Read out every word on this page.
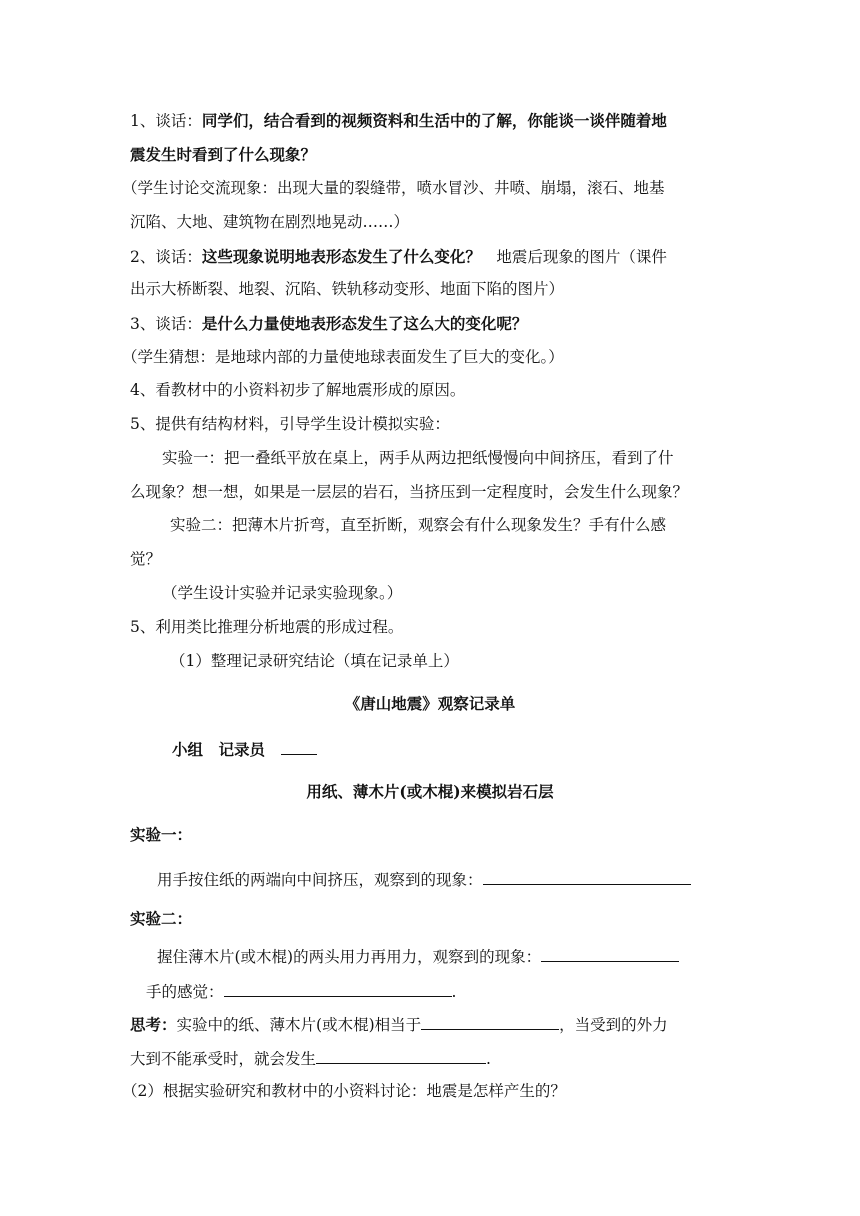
1、谈话：同学们，结合看到的视频资料和生活中的了解，你能谈一谈伴随着地
震发生时看到了什么现象？
（学生讨论交流现象：出现大量的裂缝带，喷水冒沙、井喷、崩塌，滚石、地基
沉陷、大地、建筑物在剧烈地晃动……）
2、谈话：这些现象说明地表形态发生了什么变化？　地震后现象的图片（课件
出示大桥断裂、地裂、沉陷、铁轨移动变形、地面下陷的图片）
3、谈话：是什么力量使地表形态发生了这么大的变化呢？
（学生猜想：是地球内部的力量使地球表面发生了巨大的变化。）
4、看教材中的小资料初步了解地震形成的原因。
5、提供有结构材料，引导学生设计模拟实验：
实验一：把一叠纸平放在桌上，两手从两边把纸慢慢向中间挤压，看到了什
么现象？想一想，如果是一层层的岩石，当挤压到一定程度时，会发生什么现象？
实验二：把薄木片折弯，直至折断，观察会有什么现象发生？手有什么感
觉？
（学生设计实验并记录实验现象。）
5、利用类比推理分析地震的形成过程。
（1）整理记录研究结论（填在记录单上）
《唐山地震》观察记录单
小组　记录员　
用纸、薄木片(或木棍)来模拟岩石层
实验一：
用手按住纸的两端向中间挤压，观察到的现象：
实验二：
握住薄木片(或木棍)的两头用力再用力，观察到的现象：
手的感觉：	.
思考：实验中的纸、薄木片(或木棍)相当于	，当受到的外力
大到不能承受时，就会发生	.
（2）根据实验研究和教材中的小资料讨论：地震是怎样产生的？
